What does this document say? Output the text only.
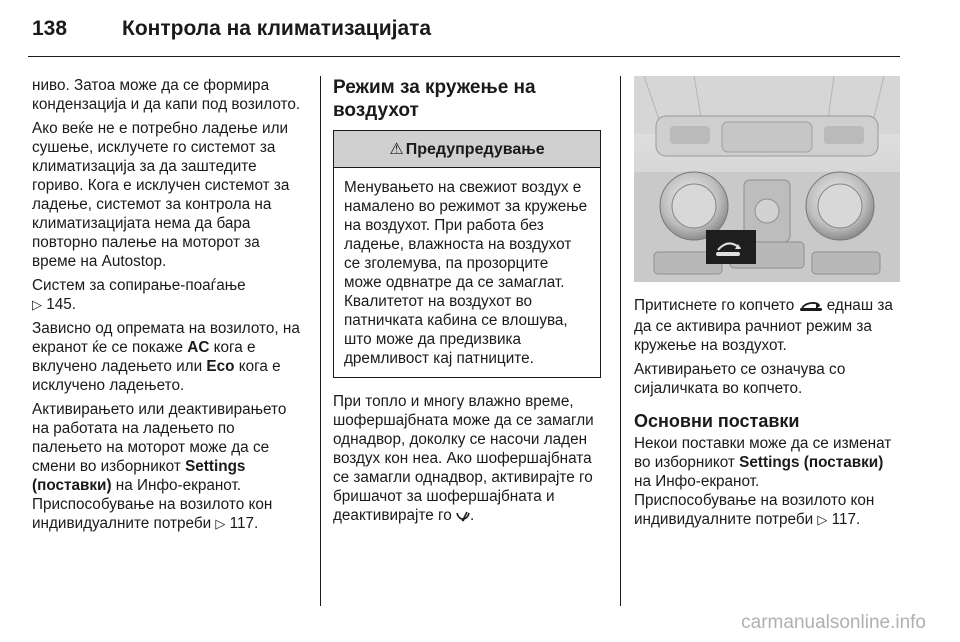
138	Контрола на климатизацијата

ниво. Затоа може да се формира кондензација и да капи под возилото.

Ако веќе не е потребно ладење или сушење, исклучете го системот за климатизација за да заштедите гориво. Кога е исклучен системот за ладење, системот за контрола на климатизацијата нема да бара повторно палење на моторот за време на Autostop.

Систем за сопирање-поаѓање
▷ 145.

Зависно од опремата на возилото, на екранот ќе се покаже AC кога е вклучено ладењето или Eco кога е исклучено ладењето.

Активирањето или деактивирањето на работата на ладењето по палењето на моторот може да се смени во изборникот Settings (поставки) на Инфо-екранот. Приспособување на возилото кон индивидуалните потреби ▷ 117.

Режим за кружење на воздухот
⚠ Предупредување
Менувањето на свежиот воздух е намалено во режимот за кружење на воздухот. При работа без ладење, влажноста на воздухот се зголемува, па прозорците може одвнатре да се замаглат. Квалитетот на воздухот во патничката кабина се влошува, што може да предизвика дремливост кај патниците.

При топло и многу влажно време, шофершајбната може да се замагли однадвор, доколку се насочи ладен воздух кон неа. Ако шофершајбната се замагли однадвор, активирајте го бришачот за шофершајбната и деактивирајте го .

Притиснете го копчето  еднаш за да се активира рачниот режим за кружење на воздухот.

Активирањето се означува со сијаличката во копчето.

Основни поставки

Некои поставки може да се изменат во изборникот Settings (поставки) на Инфо-екранот.

Приспособување на возилото кон индивидуалните потреби ▷ 117.

carmanualsonline.info
